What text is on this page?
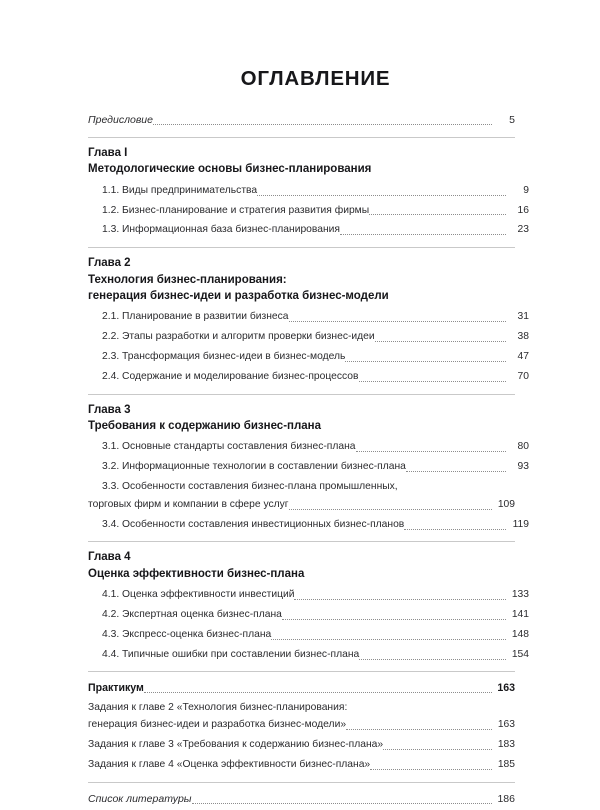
ОГЛАВЛЕНИЕ
Предисловие	5
Глава I
Методологические основы бизнес-планирования
1.1. Виды предпринимательства	9
1.2. Бизнес-планирование и стратегия развития фирмы	16
1.3. Информационная база бизнес-планирования	23
Глава 2
Технология бизнес-планирования:
генерация бизнес-идеи и разработка бизнес-модели
2.1. Планирование в развитии бизнеса	31
2.2. Этапы разработки и алгоритм проверки бизнес-идеи	38
2.3. Трансформация бизнес-идеи в бизнес-модель	47
2.4. Содержание и моделирование бизнес-процессов	70
Глава 3
Требования к содержанию бизнес-плана
3.1. Основные стандарты составления бизнес-плана	80
3.2. Информационные технологии в составлении бизнес-плана	93
3.3. Особенности составления бизнес-плана промышленных,
торговых фирм и компании в сфере услуг	109
3.4. Особенности составления инвестиционных бизнес-планов	119
Глава 4
Оценка эффективности бизнес-плана
4.1. Оценка эффективности инвестиций	133
4.2. Экспертная оценка бизнес-плана	141
4.3. Экспресс-оценка бизнес-плана	148
4.4. Типичные ошибки при составлении бизнес-плана	154
Практикум	163
Задания к главе 2 «Технология бизнес-планирования:
генерация бизнес-идеи и разработка бизнес-модели»	163
Задания к главе 3 «Требования к содержанию бизнес-плана»	183
Задания к главе 4 «Оценка эффективности бизнес-плана»	185
Список литературы	186
